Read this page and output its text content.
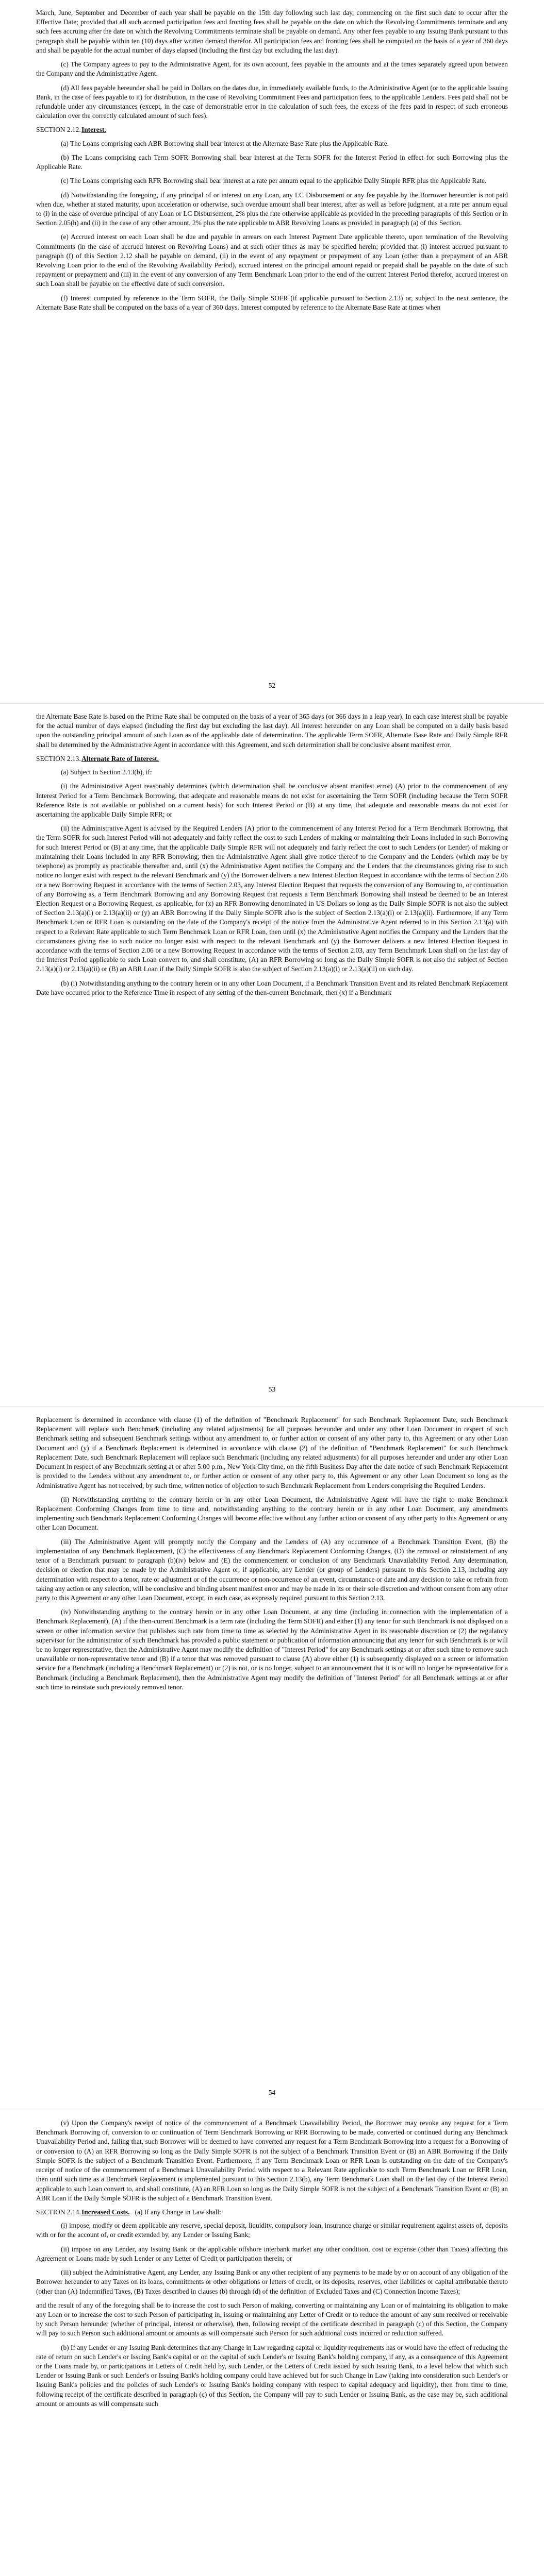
March, June, September and December of each year shall be payable on the 15th day following such last day, commencing on the first such date to occur after the Effective Date; provided that all such accrued participation fees and fronting fees shall be payable on the date on which the Revolving Commitments terminate and any such fees accruing after the date on which the Revolving Commitments terminate shall be payable on demand. Any other fees payable to any Issuing Bank pursuant to this paragraph shall be payable within ten (10) days after written demand therefor. All participation fees and fronting fees shall be computed on the basis of a year of 360 days and shall be payable for the actual number of days elapsed (including the first day but excluding the last day).

(c) The Company agrees to pay to the Administrative Agent, for its own account, fees payable in the amounts and at the times separately agreed upon between the Company and the Administrative Agent.

(d) All fees payable hereunder shall be paid in Dollars on the dates due, in immediately available funds, to the Administrative Agent (or to the applicable Issuing Bank, in the case of fees payable to it) for distribution, in the case of Revolving Commitment Fees and participation fees, to the applicable Lenders. Fees paid shall not be refundable under any circumstances (except, in the case of demonstrable error in the calculation of such fees, the excess of the fees paid in respect of such erroneous calculation over the correctly calculated amount of such fees).

SECTION 2.12.Interest.

(a) The Loans comprising each ABR Borrowing shall bear interest at the Alternate Base Rate plus the Applicable Rate.

(b) The Loans comprising each Term SOFR Borrowing shall bear interest at the Term SOFR for the Interest Period in effect for such Borrowing plus the Applicable Rate.

(c) The Loans comprising each RFR Borrowing shall bear interest at a rate per annum equal to the applicable Daily Simple RFR plus the Applicable Rate.

(d) Notwithstanding the foregoing, if any principal of or interest on any Loan, any LC Disbursement or any fee payable by the Borrower hereunder is not paid when due, whether at stated maturity, upon acceleration or otherwise, such overdue amount shall bear interest, after as well as before judgment, at a rate per annum equal to (i) in the case of overdue principal of any Loan or LC Disbursement, 2% plus the rate otherwise applicable as provided in the preceding paragraphs of this Section or in Section 2.05(h) and (ii) in the case of any other amount, 2% plus the rate applicable to ABR Revolving Loans as provided in paragraph (a) of this Section.

(e) Accrued interest on each Loan shall be due and payable in arrears on each Interest Payment Date applicable thereto, upon termination of the Revolving Commitments (in the case of accrued interest on Revolving Loans) and at such other times as may be specified herein; provided that (i) interest accrued pursuant to paragraph (f) of this Section 2.12 shall be payable on demand, (ii) in the event of any repayment or prepayment of any Loan (other than a prepayment of an ABR Revolving Loan prior to the end of the Revolving Availability Period), accrued interest on the principal amount repaid or prepaid shall be payable on the date of such repayment or prepayment and (iii) in the event of any conversion of any Term Benchmark Loan prior to the end of the current Interest Period therefor, accrued interest on such Loan shall be payable on the effective date of such conversion.

(f) Interest computed by reference to the Term SOFR, the Daily Simple SOFR (if applicable pursuant to Section 2.13) or, subject to the next sentence, the Alternate Base Rate shall be computed on the basis of a year of 360 days. Interest computed by reference to the Alternate Base Rate at times when

52

the Alternate Base Rate is based on the Prime Rate shall be computed on the basis of a year of 365 days (or 366 days in a leap year). In each case interest shall be payable for the actual number of days elapsed (including the first day but excluding the last day). All interest hereunder on any Loan shall be computed on a daily basis based upon the outstanding principal amount of such Loan as of the applicable date of determination. The applicable Term SOFR, Alternate Base Rate and Daily Simple RFR shall be determined by the Administrative Agent in accordance with this Agreement, and such determination shall be conclusive absent manifest error.

SECTION 2.13.Alternate Rate of Interest.

(a) Subject to Section 2.13(b), if:

(i) the Administrative Agent reasonably determines (which determination shall be conclusive absent manifest error) (A) prior to the commencement of any Interest Period for a Term Benchmark Borrowing, that adequate and reasonable means do not exist for ascertaining the Term SOFR (including because the Term SOFR Reference Rate is not available or published on a current basis) for such Interest Period or (B) at any time, that adequate and reasonable means do not exist for ascertaining the applicable Daily Simple RFR; or

(ii) the Administrative Agent is advised by the Required Lenders (A) prior to the commencement of any Interest Period for a Term Benchmark Borrowing, that the Term SOFR for such Interest Period will not adequately and fairly reflect the cost to such Lenders of making or maintaining their Loans included in such Borrowing for such Interest Period or (B) at any time, that the applicable Daily Simple RFR will not adequately and fairly reflect the cost to such Lenders (or Lender) of making or maintaining their Loans included in any RFR Borrowing; then the Administrative Agent shall give notice thereof to the Company and the Lenders (which may be by telephone) as promptly as practicable thereafter and, until (x) the Administrative Agent notifies the Company and the Lenders that the circumstances giving rise to such notice no longer exist with respect to the relevant Benchmark and (y) the Borrower delivers a new Interest Election Request in accordance with the terms of Section 2.06 or a new Borrowing Request in accordance with the terms of Section 2.03, any Interest Election Request that requests the conversion of any Borrowing to, or continuation of any Borrowing as, a Term Benchmark Borrowing and any Borrowing Request that requests a Term Benchmark Borrowing shall instead be deemed to be an Interest Election Request or a Borrowing Request, as applicable, for (x) an RFR Borrowing denominated in US Dollars so long as the Daily Simple SOFR is not also the subject of Section 2.13(a)(i) or 2.13(a)(ii) or (y) an ABR Borrowing if the Daily Simple SOFR also is the subject of Section 2.13(a)(i) or 2.13(a)(ii). Furthermore, if any Term Benchmark Loan or RFR Loan is outstanding on the date of the Company's receipt of the notice from the Administrative Agent referred to in this Section 2.13(a) with respect to a Relevant Rate applicable to such Term Benchmark Loan or RFR Loan, then until (x) the Administrative Agent notifies the Company and the Lenders that the circumstances giving rise to such notice no longer exist with respect to the relevant Benchmark and (y) the Borrower delivers a new Interest Election Request in accordance with the terms of Section 2.06 or a new Borrowing Request in accordance with the terms of Section 2.03, any Term Benchmark Loan shall on the last day of the Interest Period applicable to such Loan convert to, and shall constitute, (A) an RFR Borrowing so long as the Daily Simple SOFR is not also the subject of Section 2.13(a)(i) or 2.13(a)(ii) or (B) an ABR Loan if the Daily Simple SOFR is also the subject of Section 2.13(a)(i) or 2.13(a)(ii) on such day.

(b) (i) Notwithstanding anything to the contrary herein or in any other Loan Document, if a Benchmark Transition Event and its related Benchmark Replacement Date have occurred prior to the Reference Time in respect of any setting of the then-current Benchmark, then (x) if a Benchmark

53

Replacement is determined in accordance with clause (1) of the definition of "Benchmark Replacement" for such Benchmark Replacement Date, such Benchmark Replacement will replace such Benchmark (including any related adjustments) for all purposes hereunder and under any other Loan Document in respect of such Benchmark setting and subsequent Benchmark settings without any amendment to, or further action or consent of any other party to, this Agreement or any other Loan Document and (y) if a Benchmark Replacement is determined in accordance with clause (2) of the definition of "Benchmark Replacement" for such Benchmark Replacement Date, such Benchmark Replacement will replace such Benchmark (including any related adjustments) for all purposes hereunder and under any other Loan Document in respect of any Benchmark setting at or after 5:00 p.m., New York City time, on the fifth Business Day after the date notice of such Benchmark Replacement is provided to the Lenders without any amendment to, or further action or consent of any other party to, this Agreement or any other Loan Document so long as the Administrative Agent has not received, by such time, written notice of objection to such Benchmark Replacement from Lenders comprising the Required Lenders.

(ii) Notwithstanding anything to the contrary herein or in any other Loan Document, the Administrative Agent will have the right to make Benchmark Replacement Conforming Changes from time to time and, notwithstanding anything to the contrary herein or in any other Loan Document, any amendments implementing such Benchmark Replacement Conforming Changes will become effective without any further action or consent of any other party to this Agreement or any other Loan Document.

(iii) The Administrative Agent will promptly notify the Company and the Lenders of (A) any occurrence of a Benchmark Transition Event, (B) the implementation of any Benchmark Replacement, (C) the effectiveness of any Benchmark Replacement Conforming Changes, (D) the removal or reinstatement of any tenor of a Benchmark pursuant to paragraph (b)(iv) below and (E) the commencement or conclusion of any Benchmark Unavailability Period. Any determination, decision or election that may be made by the Administrative Agent or, if applicable, any Lender (or group of Lenders) pursuant to this Section 2.13, including any determination with respect to a tenor, rate or adjustment or of the occurrence or non-occurrence of an event, circumstance or date and any decision to take or refrain from taking any action or any selection, will be conclusive and binding absent manifest error and may be made in its or their sole discretion and without consent from any other party to this Agreement or any other Loan Document, except, in each case, as expressly required pursuant to this Section 2.13.

(iv) Notwithstanding anything to the contrary herein or in any other Loan Document, at any time (including in connection with the implementation of a Benchmark Replacement), (A) if the then-current Benchmark is a term rate (including the Term SOFR) and either (1) any tenor for such Benchmark is not displayed on a screen or other information service that publishes such rate from time to time as selected by the Administrative Agent in its reasonable discretion or (2) the regulatory supervisor for the administrator of such Benchmark has provided a public statement or publication of information announcing that any tenor for such Benchmark is or will be no longer representative, then the Administrative Agent may modify the definition of "Interest Period" for any Benchmark settings at or after such time to remove such unavailable or non-representative tenor and (B) if a tenor that was removed pursuant to clause (A) above either (1) is subsequently displayed on a screen or information service for a Benchmark (including a Benchmark Replacement) or (2) is not, or is no longer, subject to an announcement that it is or will no longer be representative for a Benchmark (including a Benchmark Replacement), then the Administrative Agent may modify the definition of "Interest Period" for all Benchmark settings at or after such time to reinstate such previously removed tenor.

54

(v) Upon the Company's receipt of notice of the commencement of a Benchmark Unavailability Period, the Borrower may revoke any request for a Term Benchmark Borrowing of, conversion to or continuation of Term Benchmark Borrowing or RFR Borrowing to be made, converted or continued during any Benchmark Unavailability Period and, failing that, such Borrower will be deemed to have converted any request for a Term Benchmark Borrowing into a request for a Borrowing of or conversion to (A) an RFR Borrowing so long as the Daily Simple SOFR is not the subject of a Benchmark Transition Event or (B) an ABR Borrowing if the Daily Simple SOFR is the subject of a Benchmark Transition Event. Furthermore, if any Term Benchmark Loan or RFR Loan is outstanding on the date of the Company's receipt of notice of the commencement of a Benchmark Unavailability Period with respect to a Relevant Rate applicable to such Term Benchmark Loan or RFR Loan, then until such time as a Benchmark Replacement is implemented pursuant to this Section 2.13(b), any Term Benchmark Loan shall on the last day of the Interest Period applicable to such Loan convert to, and shall constitute, (A) an RFR Loan so long as the Daily Simple SOFR is not the subject of a Benchmark Transition Event or (B) an ABR Loan if the Daily Simple SOFR is the subject of a Benchmark Transition Event.

SECTION 2.14.Increased Costs. (a) If any Change in Law shall:

(i) impose, modify or deem applicable any reserve, special deposit, liquidity, compulsory loan, insurance charge or similar requirement against assets of, deposits with or for the account of, or credit extended by, any Lender or Issuing Bank;

(ii) impose on any Lender, any Issuing Bank or the applicable offshore interbank market any other condition, cost or expense (other than Taxes) affecting this Agreement or Loans made by such Lender or any Letter of Credit or participation therein; or

(iii) subject the Administrative Agent, any Lender, any Issuing Bank or any other recipient of any payments to be made by or on account of any obligation of the Borrower hereunder to any Taxes on its loans, commitments or other obligations or letters of credit, or its deposits, reserves, other liabilities or capital attributable thereto (other than (A) Indemnified Taxes, (B) Taxes described in clauses (b) through (d) of the definition of Excluded Taxes and (C) Connection Income Taxes);

and the result of any of the foregoing shall be to increase the cost to such Person of making, converting or maintaining any Loan or of maintaining its obligation to make any Loan or to increase the cost to such Person of participating in, issuing or maintaining any Letter of Credit or to reduce the amount of any sum received or receivable by such Person hereunder (whether of principal, interest or otherwise), then, following receipt of the certificate described in paragraph (c) of this Section, the Company will pay to such Person such additional amount or amounts as will compensate such Person for such additional costs incurred or reduction suffered.

(b) If any Lender or any Issuing Bank determines that any Change in Law regarding capital or liquidity requirements has or would have the effect of reducing the rate of return on such Lender's or Issuing Bank's capital or on the capital of such Lender's or Issuing Bank's holding company, if any, as a consequence of this Agreement or the Loans made by, or participations in Letters of Credit held by, such Lender, or the Letters of Credit issued by such Issuing Bank, to a level below that which such Lender or Issuing Bank or such Lender's or Issuing Bank's holding company could have achieved but for such Change in Law (taking into consideration such Lender's or Issuing Bank's policies and the policies of such Lender's or Issuing Bank's holding company with respect to capital adequacy and liquidity), then from time to time, following receipt of the certificate described in paragraph (c) of this Section, the Company will pay to such Lender or Issuing Bank, as the case may be, such additional amount or amounts as will compensate such
